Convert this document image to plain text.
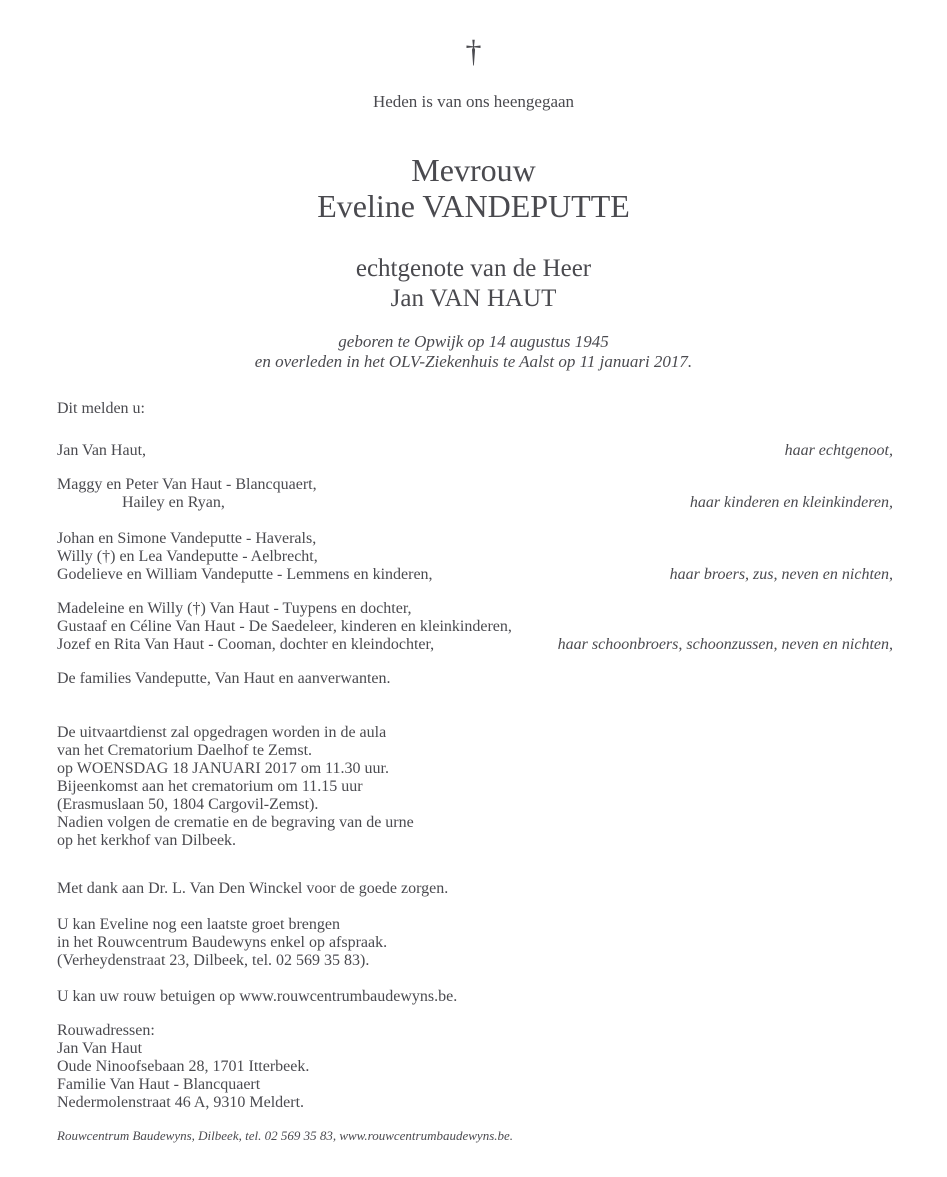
†
Heden is van ons heengegaan
Mevrouw
Eveline VANDEPUTTE
echtgenote van de Heer
Jan VAN HAUT
geboren te Opwijk op 14 augustus 1945
en overleden in het OLV-Ziekenhuis te Aalst op 11 januari 2017.
Dit melden u:
Jan Van Haut,	haar echtgenoot,
Maggy en Peter Van Haut - Blancquaert,
Hailey en Ryan,	haar kinderen en kleinkinderen,
Johan en Simone Vandeputte - Haverals,
Willy (†) en Lea Vandeputte - Aelbrecht,
Godelieve en William Vandeputte - Lemmens en kinderen,	haar broers, zus, neven en nichten,
Madeleine en Willy (†) Van Haut - Tuypens en dochter,
Gustaaf en Céline Van Haut - De Saedeleer, kinderen en kleinkinderen,
Jozef en Rita Van Haut - Cooman, dochter en kleindochter,	haar schoonbroers, schoonzussen, neven en nichten,
De families Vandeputte, Van Haut en aanverwanten.
De uitvaartdienst zal opgedragen worden in de aula
van het Crematorium Daelhof te Zemst.
op WOENSDAG 18 JANUARI 2017 om 11.30 uur.
Bijeenkomst aan het crematorium om 11.15 uur
(Erasmuslaan 50, 1804 Cargovil-Zemst).
Nadien volgen de crematie en de begraving van de urne
op het kerkhof van Dilbeek.
Met dank aan Dr. L. Van Den Winckel voor de goede zorgen.
U kan Eveline nog een laatste groet brengen
in het Rouwcentrum Baudewyns enkel op afspraak.
(Verheydenstraat 23, Dilbeek, tel. 02 569 35 83).
U kan uw rouw betuigen op www.rouwcentrumbaudewyns.be.
Rouwadressen:
Jan Van Haut
Oude Ninoofsebaan 28, 1701 Itterbeek.
Familie Van Haut - Blancquaert
Nedermolenstraat 46 A, 9310 Meldert.
Rouwcentrum Baudewyns, Dilbeek, tel. 02 569 35 83, www.rouwcentrumbaudewyns.be.
